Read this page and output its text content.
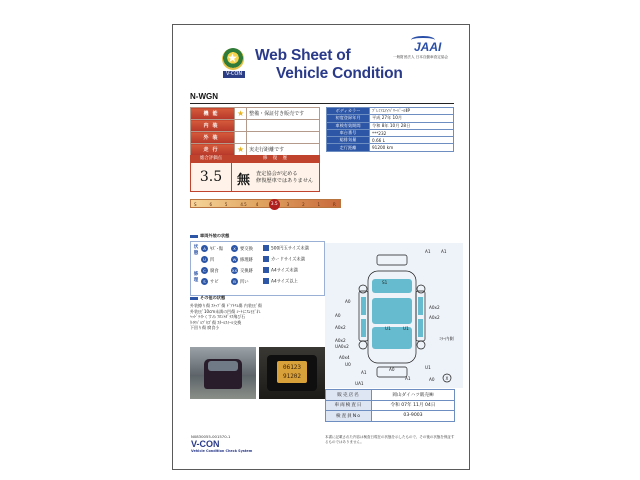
★
V-CON
Web Sheet of
Vehicle Condition
JAAI
一般財団法人 日本自動車査定協会
N-WGN
機能	★	整備・保証付き販売です
内装		
外装		
走行	★	実走行距離です
ボディカラー	ﾌﾟﾚﾐｱﾑｱｲﾊﾞﾘｰﾊﾟｰﾙⅡP
初度登録年月	平成 27年 10月
車検有効期間	令和 8年 10月 28日
車台番号	***232
総排気量	0.66 L
走行距離	91200 km
総合評価点	修 復 歴
3.5	無 査定協会が定める
修復歴車ではありません
S	6	5	4.5 4	3.5	3	2	1	R
車両外装の状態
状態
修理
A ｷｽﾞ･傷
U 凹
C 腐食
S サビ
X 要交換
W 修理跡
XX 交換跡
B 凹い
500円玉サイズ未満
カードサイズ未満
A4サイズ未満
A4サイズ以上
その他の状態
外装擦り傷 ｽﾄｯﾌﾟ傷 ﾄﾞｱﾄﾘﾑ傷 内装ﾋﾋﾞ傷
外装ﾋﾋﾞ10cm未満の凹傷 ｼｰﾄにｽﾚﾋﾋﾞれ
ﾍｯﾄﾞﾗｲﾄくすみ ﾌﾛﾝﾄｶﾞﾗｽ飛び石
ﾀｲﾔﾊﾞﾙﾌﾞｷｽﾞ傷 ｽﾀｰﾙｽｲｰﾙ交換
下回り傷 腐食小
A1
A1
S1
A0
A0x2
A0	A0x2
U1
A0x2	U1
A0x2
UA0x2
ﾐﾗｰ内側
A0x4
U0
A0	U1
A1
A0
UA1
A1	X
06123
91202
販売店名	岡山ダイハツ販売㈱
車両検査日	令和 07年 11月 04日
検査員No	03-9003
N0830055-001570-1
V-CON
Vehicle Condition Check System
本書に記載された内容は検査日現在の状態を示したもので、その後の状態を保証するものではありません。
